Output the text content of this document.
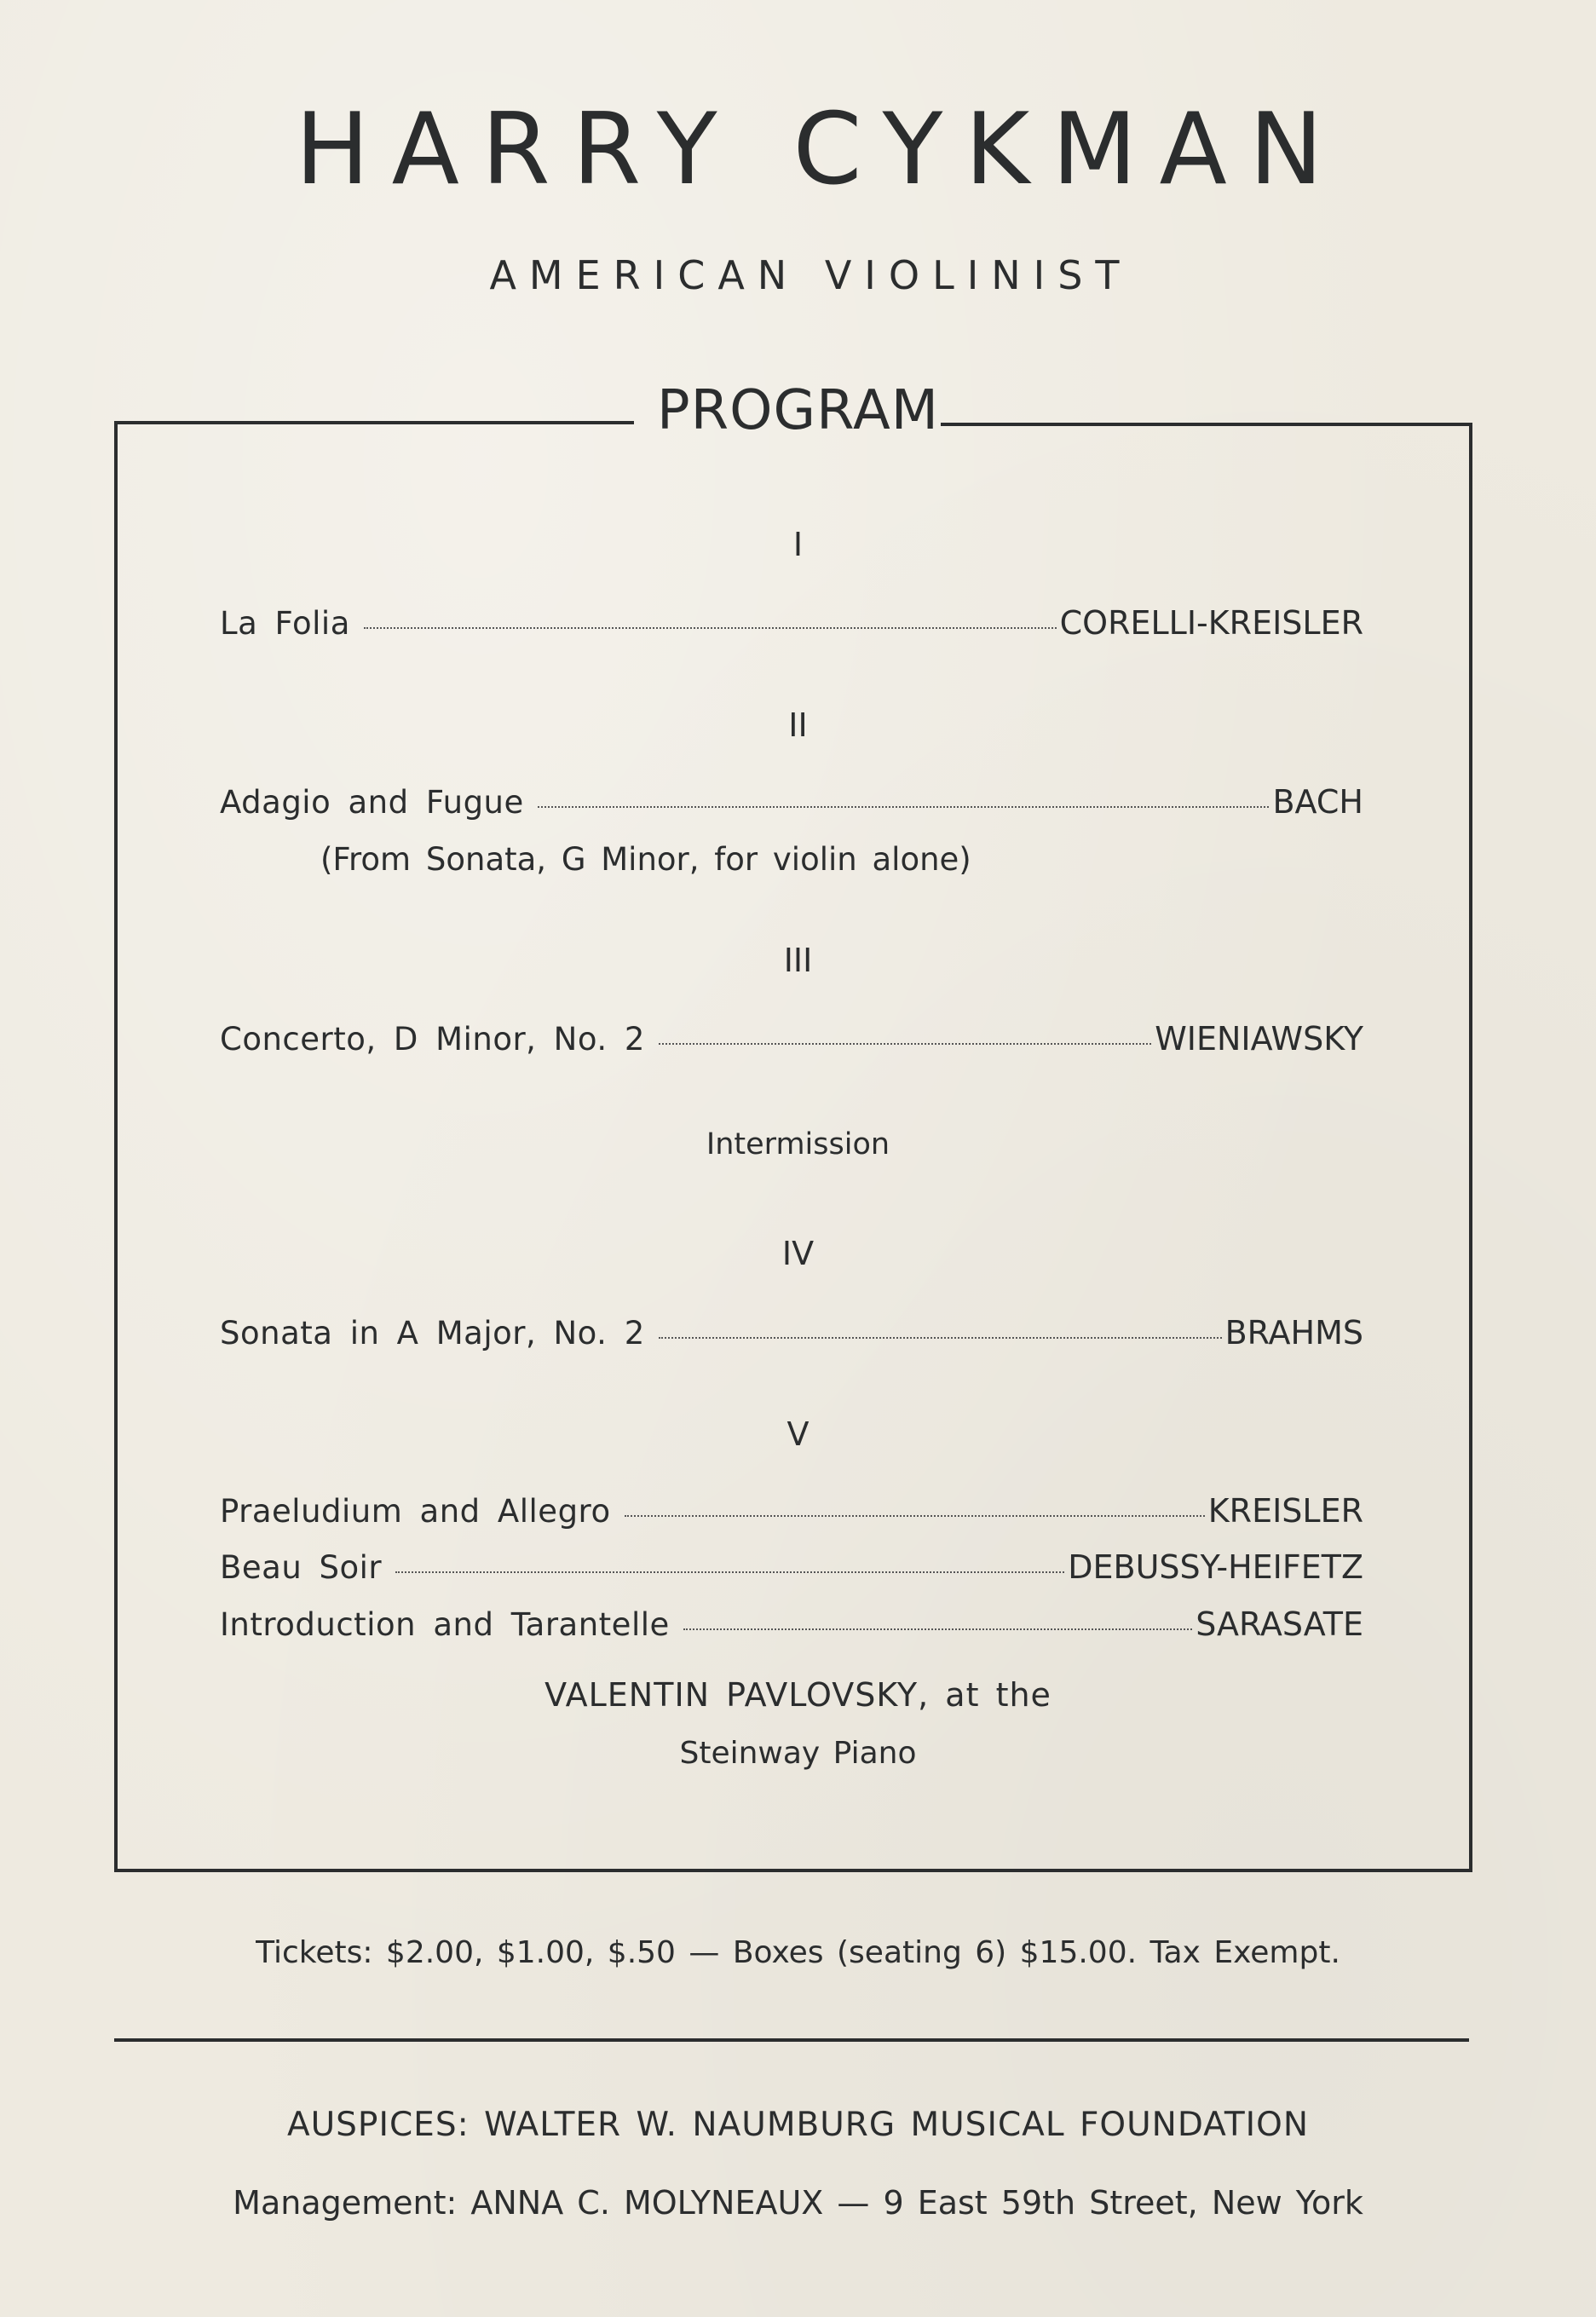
HARRY CYKMAN
AMERICAN VIOLINIST
PROGRAM
I
La Folia	CORELLI-KREISLER
II
Adagio and Fugue	BACH
(From Sonata, G Minor, for violin alone)
III
Concerto, D Minor, No. 2	WIENIAWSKY
Intermission
IV
Sonata in A Major, No. 2	BRAHMS
V
Praeludium and Allegro	KREISLER
Beau Soir	DEBUSSY-HEIFETZ
Introduction and Tarantelle	SARASATE
VALENTIN PAVLOVSKY, at the
Steinway Piano
Tickets: $2.00, $1.00, $.50 — Boxes (seating 6) $15.00. Tax Exempt.
AUSPICES: WALTER W. NAUMBURG MUSICAL FOUNDATION
Management: ANNA C. MOLYNEAUX — 9 East 59th Street, New York
